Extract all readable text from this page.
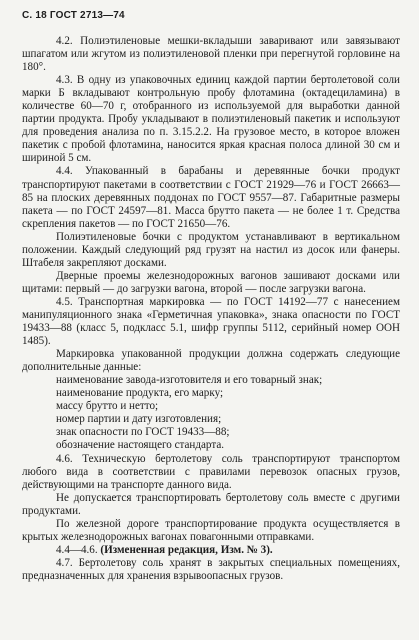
С. 18 ГОСТ 2713—74

4.2. Полиэтиленовые мешки-вкладыши заваривают или завязывают шпагатом или жгутом из полиэтиленовой пленки при перегнутой горловине на 180°.

4.3. В одну из упаковочных единиц каждой партии бертолетовой соли марки Б вкладывают контрольную пробу флотамина (октадециламина) в количестве 60—70 г, отобранного из используемой для выработки данной партии продукта. Пробу укладывают в полиэтиленовый пакетик и используют для проведения анализа по п. 3.15.2.2. На грузовое место, в которое вложен пакетик с пробой флотамина, наносится яркая красная полоса длиной 30 см и шириной 5 см.

4.4. Упакованный в барабаны и деревянные бочки продукт транспортируют пакетами в соответствии с ГОСТ 21929—76 и ГОСТ 26663—85 на плоских деревянных поддонах по ГОСТ 9557—87. Габаритные размеры пакета — по ГОСТ 24597—81. Масса брутто пакета — не более 1 т. Средства скрепления пакетов — по ГОСТ 21650—76.

Полиэтиленовые бочки с продуктом устанавливают в вертикальном положении. Каждый следующий ряд грузят на настил из досок или фанеры. Штабеля закрепляют досками.

Дверные проемы железнодорожных вагонов зашивают досками или щитами: первый — до загрузки вагона, второй — после загрузки вагона.

4.5. Транспортная маркировка — по ГОСТ 14192—77 с нанесением манипуляционного знака «Герметичная упаковка», знака опасности по ГОСТ 19433—88 (класс 5, подкласс 5.1, шифр группы 5112, серийный номер ООН 1485).

Маркировка упакованной продукции должна содержать следующие дополнительные данные:

наименование завода-изготовителя и его товарный знак;

наименование продукта, его марку;

массу брутто и нетто;

номер партии и дату изготовления;

знак опасности по ГОСТ 19433—88;

обозначение настоящего стандарта.

4.6. Техническую бертолетову соль транспортируют транспортом любого вида в соответствии с правилами перевозок опасных грузов, действующими на транспорте данного вида.

Не допускается транспортировать бертолетову соль вместе с другими продуктами.

По железной дороге транспортирование продукта осуществляется в крытых железнодорожных вагонах повагонными отправками.

4.4—4.6. (Измененная редакция, Изм. № 3).

4.7. Бертолетову соль хранят в закрытых специальных помещениях, предназначенных для хранения взрывоопасных грузов.
